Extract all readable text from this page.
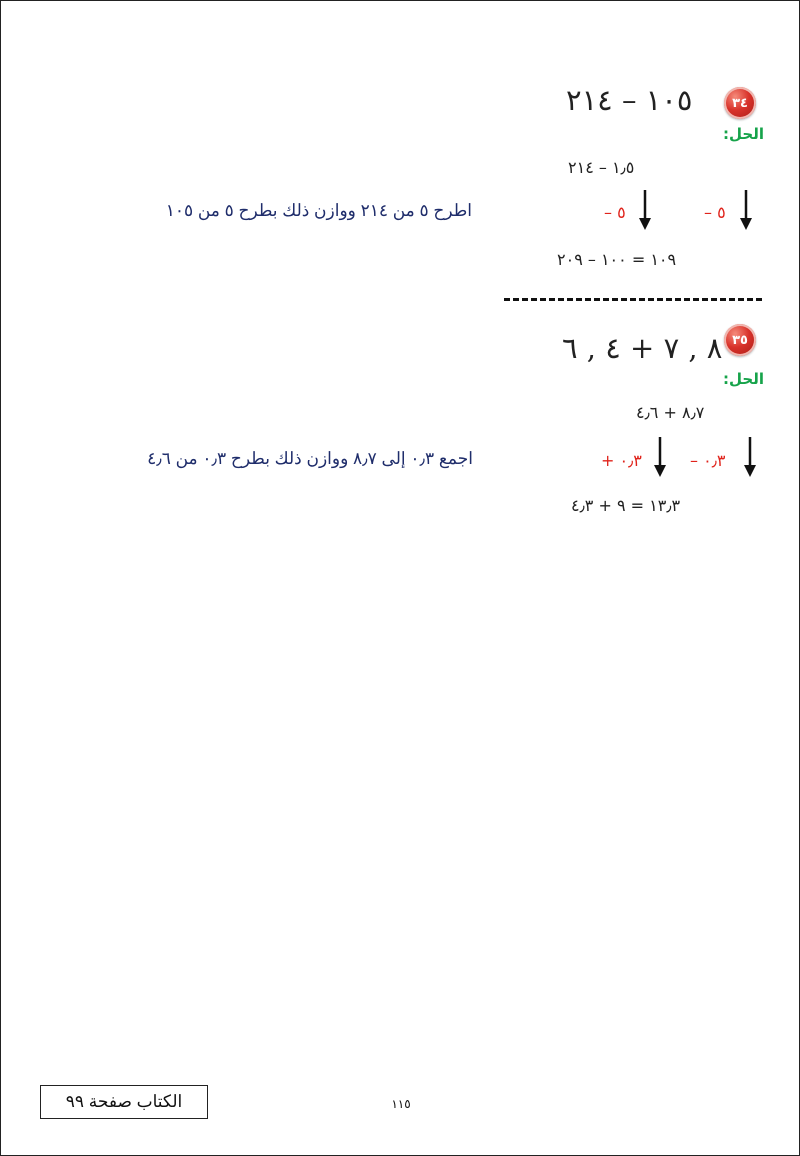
٣٤
١٠٥ – ٢١٤
الحل:
١٫٥ – ٢١٤
– ٥	– ٥
اطرح ٥ من ٢١٤ ووازن ذلك بطرح ٥ من ١٠٥
١٠٩ = ١٠٠ – ٢٠٩
٣٥
٨ , ٧ + ٤ , ٦
الحل:
٨٫٧ + ٤٫٦
+ ٠٫٣	– ٠٫٣
اجمع ٠٫٣ إلى ٨٫٧ ووازن ذلك بطرح ٠٫٣ من ٤٫٦
١٣٫٣ = ٩ + ٤٫٣
الكتاب صفحة ٩٩	١١٥
